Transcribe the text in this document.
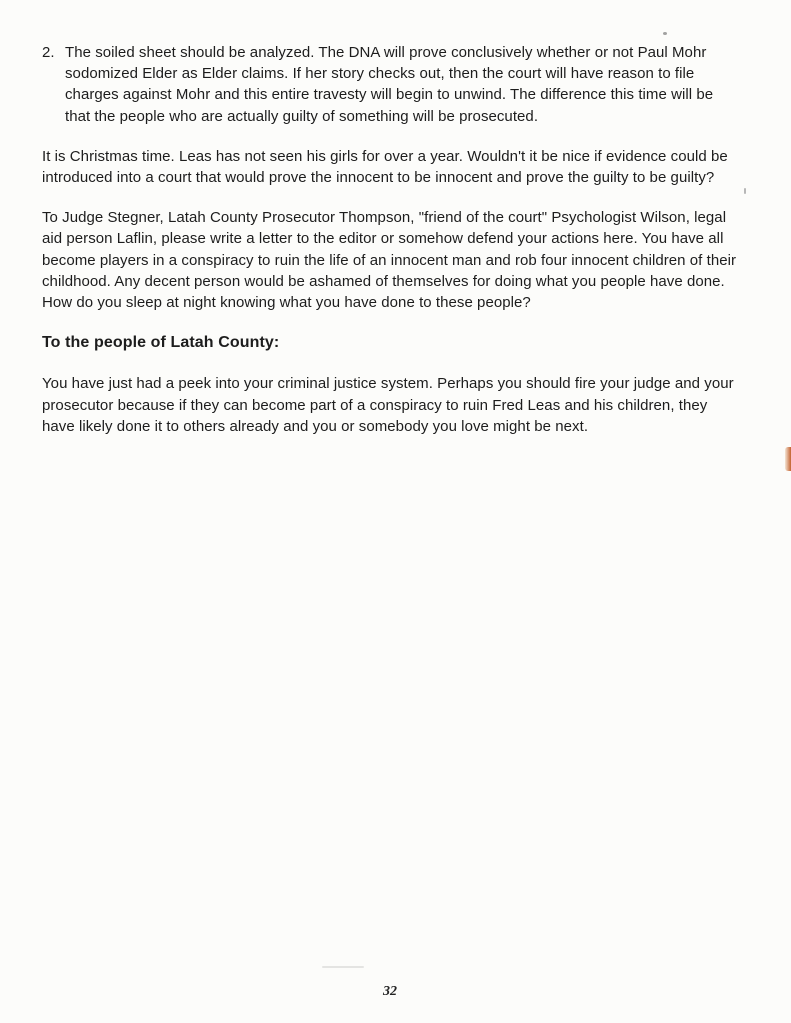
2. The soiled sheet should be analyzed. The DNA will prove conclusively whether or not Paul Mohr sodomized Elder as Elder claims. If her story checks out, then the court will have reason to file charges against Mohr and this entire travesty will begin to unwind. The difference this time will be that the people who are actually guilty of something will be prosecuted.

It is Christmas time. Leas has not seen his girls for over a year. Wouldn't it be nice if evidence could be introduced into a court that would prove the innocent to be innocent and prove the guilty to be guilty?

To Judge Stegner, Latah County Prosecutor Thompson, "friend of the court" Psychologist Wilson, legal aid person Laflin, please write a letter to the editor or somehow defend your actions here. You have all become players in a conspiracy to ruin the life of an innocent man and rob four innocent children of their childhood. Any decent person would be ashamed of themselves for doing what you people have done. How do you sleep at night knowing what you have done to these people?

To the people of Latah County:

You have just had a peek into your criminal justice system. Perhaps you should fire your judge and your prosecutor because if they can become part of a conspiracy to ruin Fred Leas and his children, they have likely done it to others already and you or somebody you love might be next.

32
